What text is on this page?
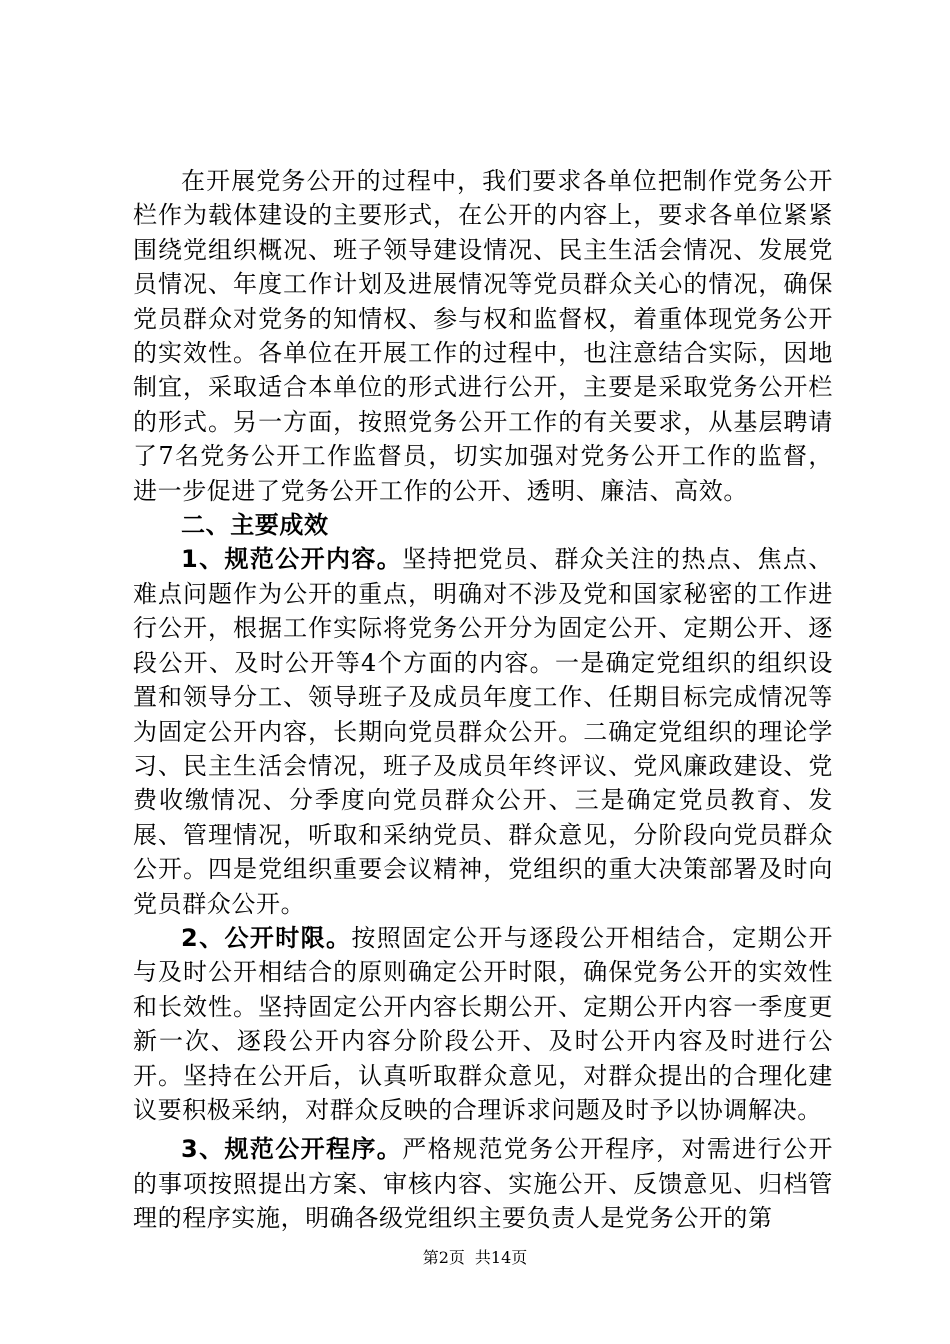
在开展党务公开的过程中，我们要求各单位把制作党务公开栏作为载体建设的主要形式，在公开的内容上，要求各单位紧紧围绕党组织概况、班子领导建设情况、民主生活会情况、发展党员情况、年度工作计划及进展情况等党员群众关心的情况，确保党员群众对党务的知情权、参与权和监督权，着重体现党务公开的实效性。各单位在开展工作的过程中，也注意结合实际，因地制宜，采取适合本单位的形式进行公开，主要是采取党务公开栏的形式。另一方面，按照党务公开工作的有关要求，从基层聘请了7名党务公开工作监督员，切实加强对党务公开工作的监督，进一步促进了党务公开工作的公开、透明、廉洁、高效。

二、主要成效

1、规范公开内容。坚持把党员、群众关注的热点、焦点、难点问题作为公开的重点，明确对不涉及党和国家秘密的工作进行公开，根据工作实际将党务公开分为固定公开、定期公开、逐段公开、及时公开等4个方面的内容。一是确定党组织的组织设置和领导分工、领导班子及成员年度工作、任期目标完成情况等为固定公开内容，长期向党员群众公开。二确定党组织的理论学习、民主生活会情况，班子及成员年终评议、党风廉政建设、党费收缴情况、分季度向党员群众公开、三是确定党员教育、发展、管理情况，听取和采纳党员、群众意见，分阶段向党员群众公开。四是党组织重要会议精神，党组织的重大决策部署及时向党员群众公开。

2、公开时限。按照固定公开与逐段公开相结合，定期公开与及时公开相结合的原则确定公开时限，确保党务公开的实效性和长效性。坚持固定公开内容长期公开、定期公开内容一季度更新一次、逐段公开内容分阶段公开、及时公开内容及时进行公开。坚持在公开后，认真听取群众意见，对群众提出的合理化建议要积极采纳，对群众反映的合理诉求问题及时予以协调解决。

3、规范公开程序。严格规范党务公开程序，对需进行公开的事项按照提出方案、审核内容、实施公开、反馈意见、归档管理的程序实施，明确各级党组织主要负责人是党务公开的第

第2页 共14页
